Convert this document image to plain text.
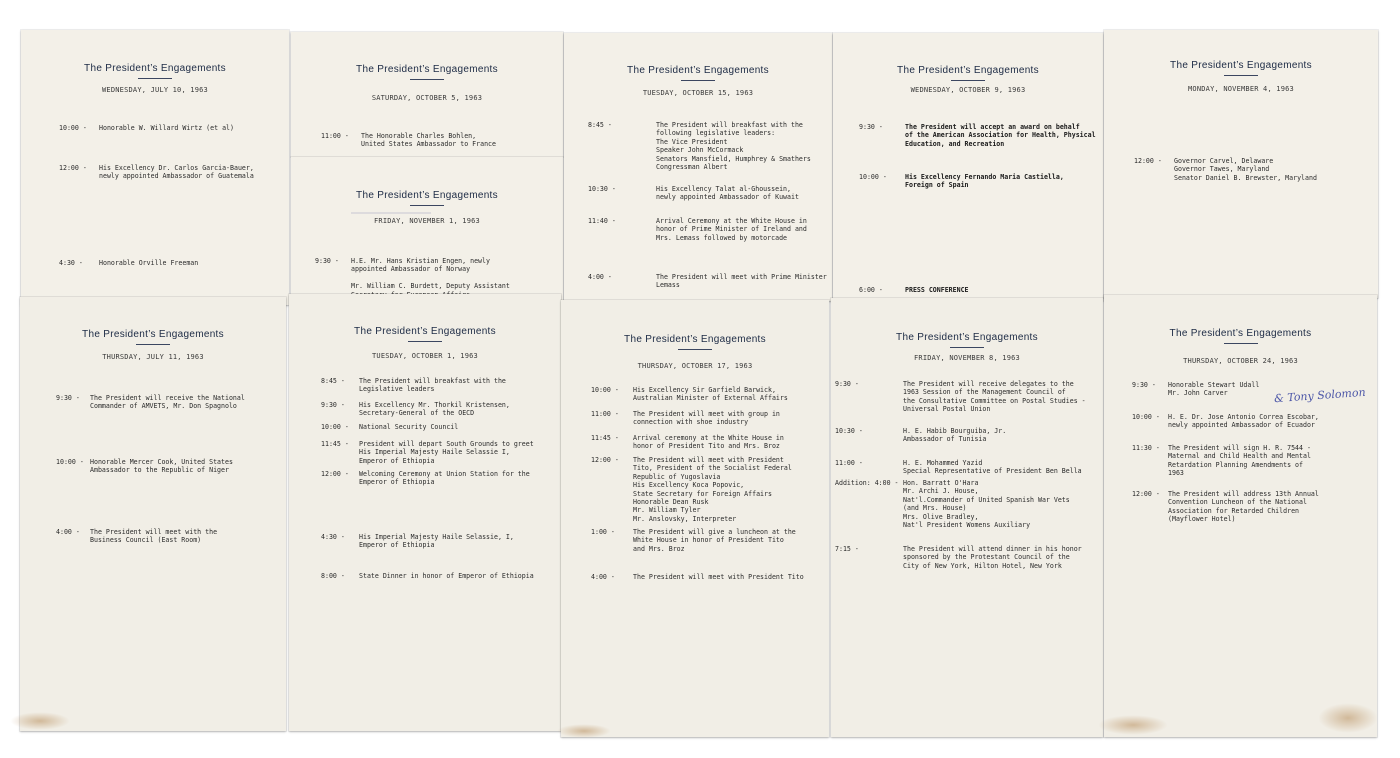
The President’s Engagements
WEDNESDAY, JULY 10, 1963
10:00 - Honorable W. Willard Wirtz (et al)
12:00 - His Excellency Dr. Carlos Garcia-Bauer,
newly appointed Ambassador of Guatemala
4:30 - Honorable Orville Freeman
The President’s Engagements
SATURDAY, OCTOBER 5, 1963
11:00 - The Honorable Charles Bohlen,
United States Ambassador to France
The President’s Engagements
FRIDAY, NOVEMBER 1, 1963
9:30 - H.E. Mr. Hans Kristian Engen, newly
appointed Ambassador of Norway

Mr. William C. Burdett, Deputy Assistant
The President’s Engagements
TUESDAY, OCTOBER 15, 1963
8:45 -	The President will breakfast with the
following legislative leaders:
The Vice President
Speaker John McCormack
Senators Mansfield, Humphrey & Smathers
Congressman Albert
10:30 -	His Excellency Talat al-Ghoussein,
newly appointed Ambassador of Kuwait
11:40 -	Arrival Ceremony at the White House in
honor of Prime Minister of Ireland and
Mrs. Lemass followed by motorcade
4:00 -	The President will meet with Prime Minister
Lemass
The President’s Engagements
WEDNESDAY, OCTOBER 9, 1963
9:30 -	The President will accept an award on behalf
of the American Association for Health, Physical
Education, and Recreation
10:00 -	His Excellency Fernando Maria Castiella,
Foreign of Spain
6:00 -	PRESS CONFERENCE
The President’s Engagements
MONDAY, NOVEMBER 4, 1963
12:00 - Governor Carvel, Delaware
Governor Tawes, Maryland
Senator Daniel B. Brewster, Maryland
The President’s Engagements
THURSDAY, JULY 11, 1963
9:30 - The President will receive the National
Commander of AMVETS, Mr. Don Spagnolo
10:00 - Honorable Mercer Cook, United States
Ambassador to the Republic of Niger
4:00 - The President will meet with the
Business Council (East Room)
The President’s Engagements
TUESDAY, OCTOBER 1, 1963
8:45 - The President will breakfast with the
Legislative leaders
9:30 - His Excellency Mr. Thorkil Kristensen,
Secretary-General of the OECD
10:00 - National Security Council
11:45 - President will depart South Grounds to greet
His Imperial Majesty Haile Selassie I,
Emperor of Ethiopia
12:00 - Welcoming Ceremony at Union Station for the
Emperor of Ethiopia
4:30 - His Imperial Majesty Haile Selassie, I,
Emperor of Ethiopia
8:00 - State Dinner in honor of Emperor of Ethiopia
The President’s Engagements
THURSDAY, OCTOBER 17, 1963
10:00 - His Excellency Sir Garfield Barwick,
Australian Minister of External Affairs
11:00 - The President will meet with group in
connection with shoe industry
11:45 - Arrival ceremony at the White House in
honor of President Tito and Mrs. Broz
12:00 - The President will meet with President
Tito, President of the Socialist Federal
Republic of Yugoslavia
His Excellency Koca Popovic,
State Secretary for Foreign Affairs
Honorable Dean Rusk
Mr. William Tyler
Mr. Anslovsky, Interpreter
1:00 -	The President will give a luncheon at the
White House in honor of President Tito
and Mrs. Broz
4:00 -	The President will meet with President Tito
The President’s Engagements
FRIDAY, NOVEMBER 8, 1963
9:30 -	The President will receive delegates to the
1963 Session of the Management Council of
the Consultative Committee on Postal Studies -
Universal Postal Union
10:30 -	H. E. Habib Bourguiba, Jr.
Ambassador of Tunisia
11:00 -	H. E. Mohammed Yazid
Special Representative of President Ben Bella
Addition: 4:00 - Hon. Barratt O'Hara
Mr. Archi J. House,
Nat'l.Commander of United Spanish War Vets
(and Mrs. House)
Mrs. Olive Bradley,
Nat'l President Womens Auxiliary
7:15 -	The President will attend dinner in his honor
sponsored by the Protestant Council of the
City of New York, Hilton Hotel, New York
The President’s Engagements
THURSDAY, OCTOBER 24, 1963
9:30 - Honorable Stewart Udall
Mr. John Carver
10:00 - H. E. Dr. Jose Antonio Correa Escobar,
newly appointed Ambassador of Ecuador
11:30 - The President will sign H. R. 7544 -
Maternal and Child Health and Mental
Retardation Planning Amendments of
1963
12:00 - The President will address 13th Annual
Convention Luncheon of the National
Association for Retarded Children
(Mayflower Hotel)
& Tony Solomon
